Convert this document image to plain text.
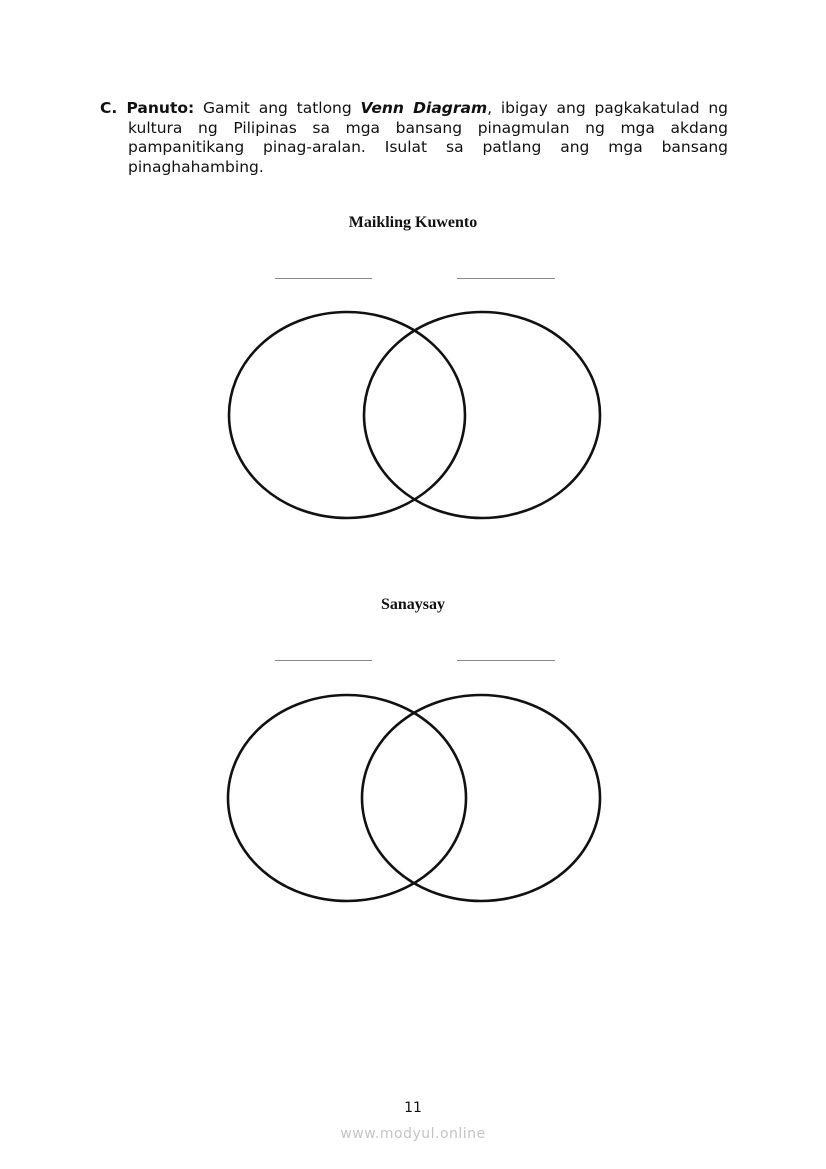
C. Panuto: Gamit ang tatlong Venn Diagram, ibigay ang pagkakatulad ng kultura ng Pilipinas sa mga bansang pinagmulan ng mga akdang pampanitikang pinag-aralan. Isulat sa patlang ang mga bansang pinaghahambing.
Maikling Kuwento
Sanaysay
11
www.modyul.online
